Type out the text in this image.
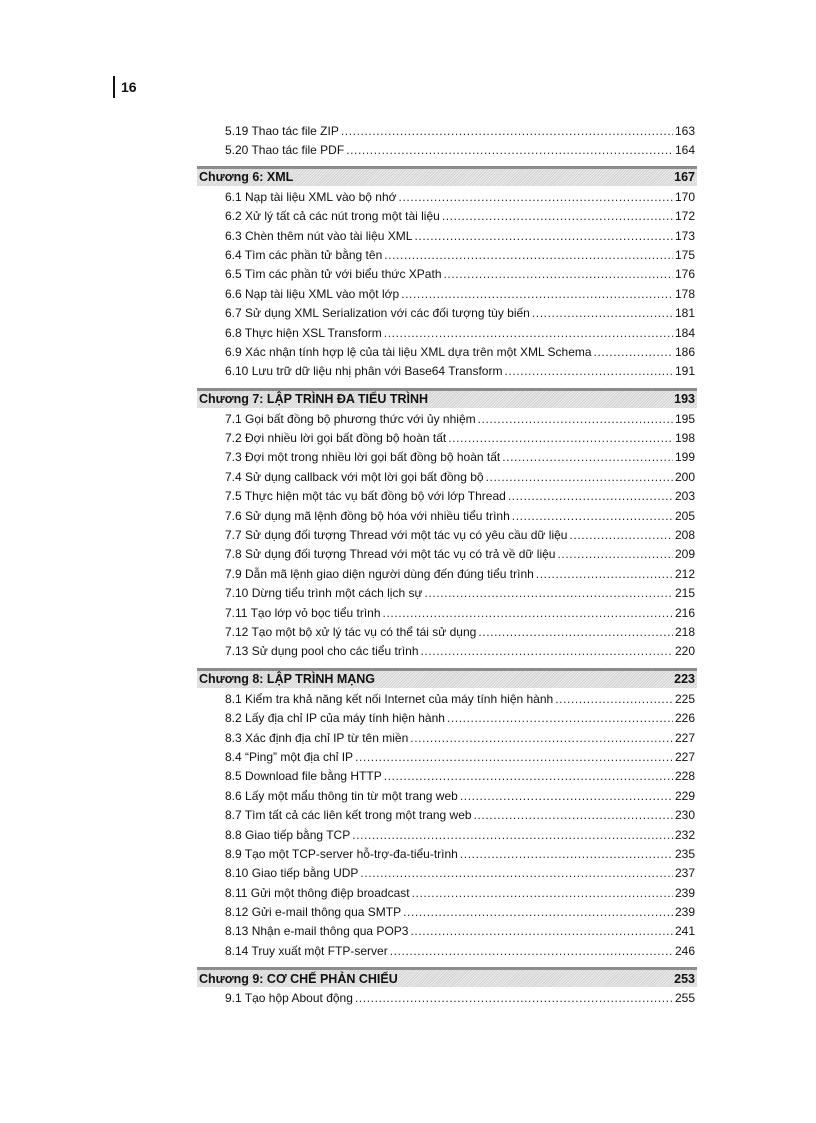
16
5.19 Thao tác file ZIP .....	163
5.20 Thao tác file PDF .....	164
Chương 6: XML	167
6.1 Nạp tài liệu XML vào bộ nhớ .....	170
6.2 Xử lý tất cả các nút trong một tài liệu .....	172
6.3 Chèn thêm nút vào tài liệu XML .....	173
6.4 Tìm các phần tử bằng tên .....	175
6.5 Tìm các phần tử với biểu thức XPath .....	176
6.6 Nạp tài liệu XML vào một lớp .....	178
6.7 Sử dụng XML Serialization với các đối tượng tùy biến .....	181
6.8 Thực hiện XSL Transform .....	184
6.9 Xác nhận tính hợp lệ của tài liệu XML dựa trên một XML Schema .....	186
6.10 Lưu trữ dữ liệu nhị phân với Base64 Transform .....	191
Chương 7: LẬP TRÌNH ĐA TIỂU TRÌNH	193
7.1 Gọi bất đồng bộ phương thức với ủy nhiệm .....	195
7.2 Đợi nhiều lời gọi bất đồng bộ hoàn tất .....	198
7.3 Đợi một trong nhiều lời gọi bất đồng bộ hoàn tất .....	199
7.4 Sử dụng callback với một lời gọi bất đồng bộ .....	200
7.5 Thực hiện một tác vụ bất đồng bộ với lớp Thread .....	203
7.6 Sử dụng mã lệnh đồng bộ hóa với nhiều tiểu trình .....	205
7.7 Sử dụng đối tượng Thread với một tác vụ có yêu cầu dữ liệu .....	208
7.8 Sử dụng đối tượng Thread với một tác vụ có trả về dữ liệu .....	209
7.9 Dẫn mã lệnh giao diện người dùng đến đúng tiểu trình .....	212
7.10 Dừng tiểu trình một cách lịch sự .....	215
7.11 Tạo lớp vỏ bọc tiểu trình .....	216
7.12 Tạo một bộ xử lý tác vụ có thể tái sử dụng .....	218
7.13 Sử dụng pool cho các tiểu trình .....	220
Chương 8: LẬP TRÌNH MẠNG	223
8.1 Kiểm tra khả năng kết nối Internet của máy tính hiện hành .....	225
8.2 Lấy địa chỉ IP của máy tính hiện hành .....	226
8.3 Xác định địa chỉ IP từ tên miền .....	227
8.4 “Ping” một địa chỉ IP .....	227
8.5 Download file bằng HTTP .....	228
8.6 Lấy một mẩu thông tin từ một trang web .....	229
8.7 Tìm tất cả các liên kết trong một trang web .....	230
8.8 Giao tiếp bằng TCP .....	232
8.9 Tạo một TCP-server hỗ-trợ-đa-tiểu-trình .....	235
8.10 Giao tiếp bằng UDP .....	237
8.11 Gửi một thông điệp broadcast .....	239
8.12 Gửi e-mail thông qua SMTP .....	239
8.13 Nhận e-mail thông qua POP3 .....	241
8.14 Truy xuất một FTP-server .....	246
Chương 9: CƠ CHẾ PHẢN CHIẾU	253
9.1 Tạo hộp About động .....	255
